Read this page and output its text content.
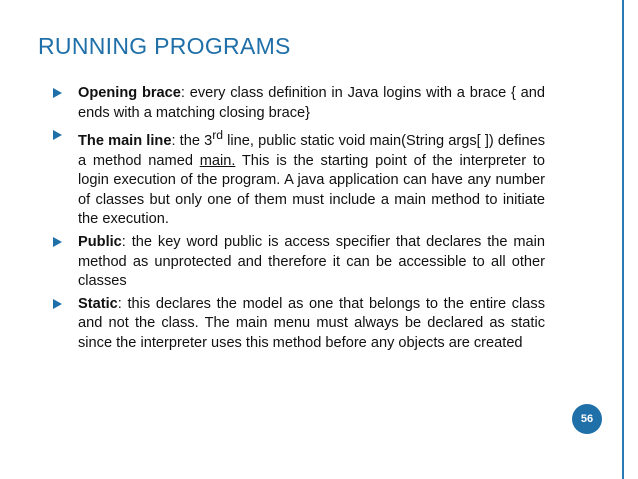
RUNNING PROGRAMS
Opening brace: every class definition in Java logins with a brace { and ends with a matching closing brace}
The main line: the 3rd line, public static void main(String args[ ]) defines a method named main. This is the starting point of the interpreter to login execution of the program. A java application can have any number of classes but only one of them must include a main method to initiate the execution.
Public: the key word public is access specifier that declares the main method as unprotected and therefore it can be accessible to all other classes
Static: this declares the model as one that belongs to the entire class and not the class. The main menu must always be declared as static since the interpreter uses this method before any objects are created
56
